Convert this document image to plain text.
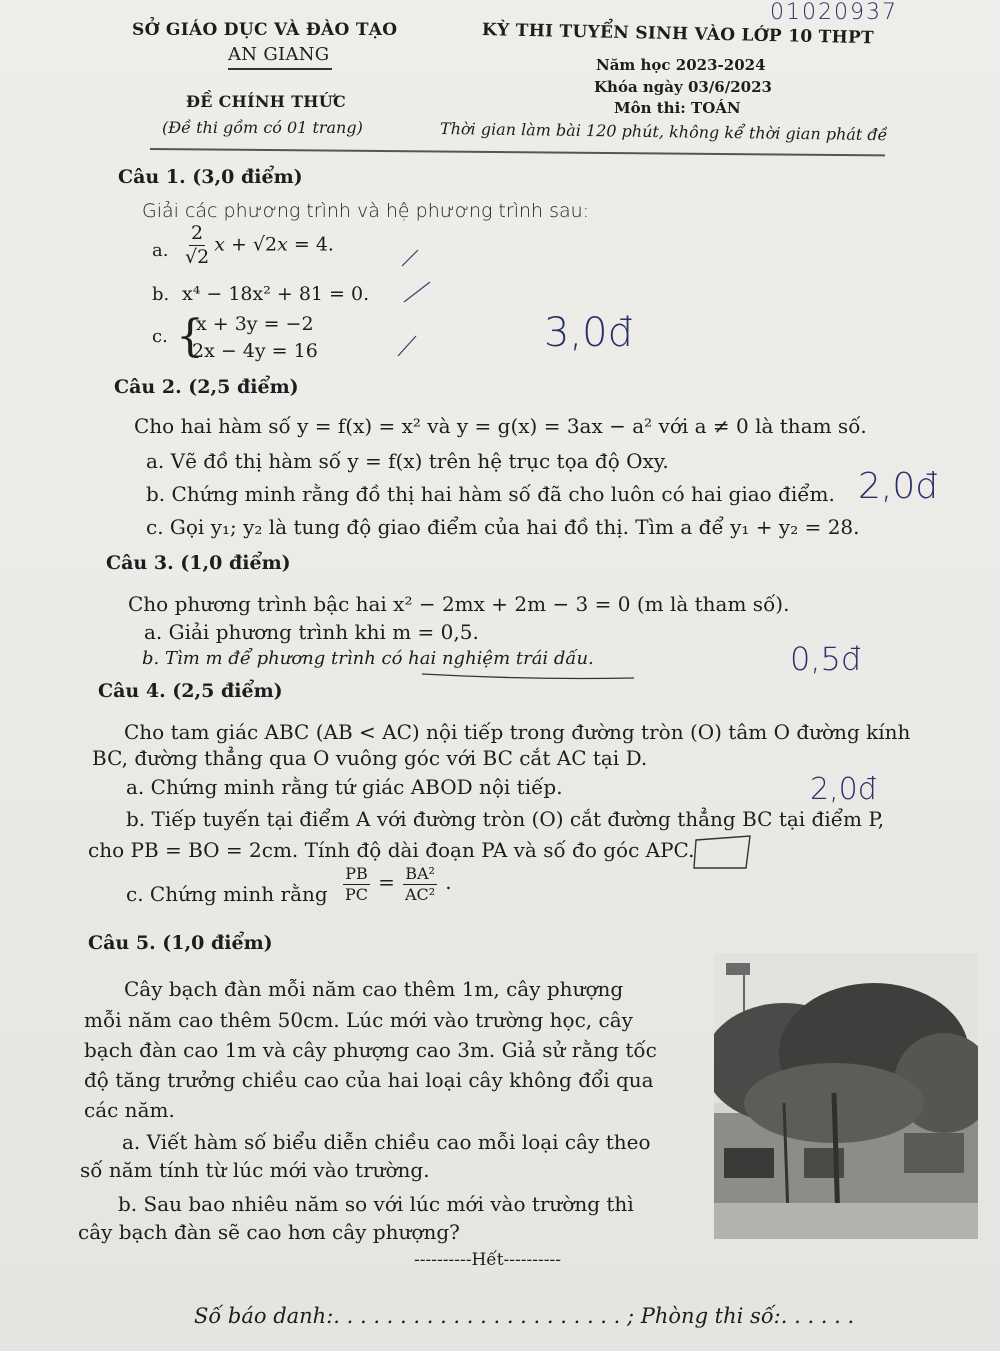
01020937
SỞ GIÁO DỤC VÀ ĐÀO TẠO
AN GIANG
ĐỀ CHÍNH THỨC
(Đề thi gồm có 01 trang)
KỲ THI TUYỂN SINH VÀO LỚP 10 THPT
Năm học 2023-2024
Khóa ngày 03/6/2023
Môn thi: TOÁN
Thời gian làm bài 120 phút, không kể thời gian phát đề
Câu 1. (3,0 điểm)
Giải các phương trình và hệ phương trình sau:
a. $\frac{2}{√2}$ x + √2x = 4.
b. x⁴ − 18x² + 81 = 0.
c. {
x + 3y = −2
2x − 4y = 16	3,0đ
Câu 2. (2,5 điểm)
Cho hai hàm số y = f(x) = x² và y = g(x) = 3ax − a² với a ≠ 0 là tham số.
a. Vẽ đồ thị hàm số y = f(x) trên hệ trục tọa độ Oxy.
b. Chứng minh rằng đồ thị hai hàm số đã cho luôn có hai giao điểm.
c. Gọi y₁; y₂ là tung độ giao điểm của hai đồ thị. Tìm a để y₁ + y₂ = 28.
2,0đ
Câu 3. (1,0 điểm)
Cho phương trình bậc hai x² − 2mx + 2m − 3 = 0 (m là tham số).
a. Giải phương trình khi m = 0,5.
b. Tìm m để phương trình có hai nghiệm trái dấu.	0,5đ
Câu 4. (2,5 điểm)
Cho tam giác ABC (AB < AC) nội tiếp trong đường tròn (O) tâm O đường kính
BC, đường thẳng qua O vuông góc với BC cắt AC tại D.
a. Chứng minh rằng tứ giác ABOD nội tiếp.	2,0đ
b. Tiếp tuyến tại điểm A với đường tròn (O) cắt đường thẳng BC tại điểm P,
cho PB = BO = 2cm. Tính độ dài đoạn PA và số đo góc APC.
c. Chứng minh rằng $\frac{PB}{PC} = \frac{\text{BA²}}{\text{AC²}}$ .
Câu 5. (1,0 điểm)
Cây bạch đàn mỗi năm cao thêm 1m, cây phượng
mỗi năm cao thêm 50cm. Lúc mới vào trường học, cây
bạch đàn cao 1m và cây phượng cao 3m. Giả sử rằng tốc
độ tăng trưởng chiều cao của hai loại cây không đổi qua
các năm.
a. Viết hàm số biểu diễn chiều cao mỗi loại cây theo
số năm tính từ lúc mới vào trường.
b. Sau bao nhiêu năm so với lúc mới vào trường thì
cây bạch đàn sẽ cao hơn cây phượng?
----------Hết----------
Số báo danh:. . . . . . . . . . . . . . . . . . . . . . ; Phòng thi số:. . . . . .
